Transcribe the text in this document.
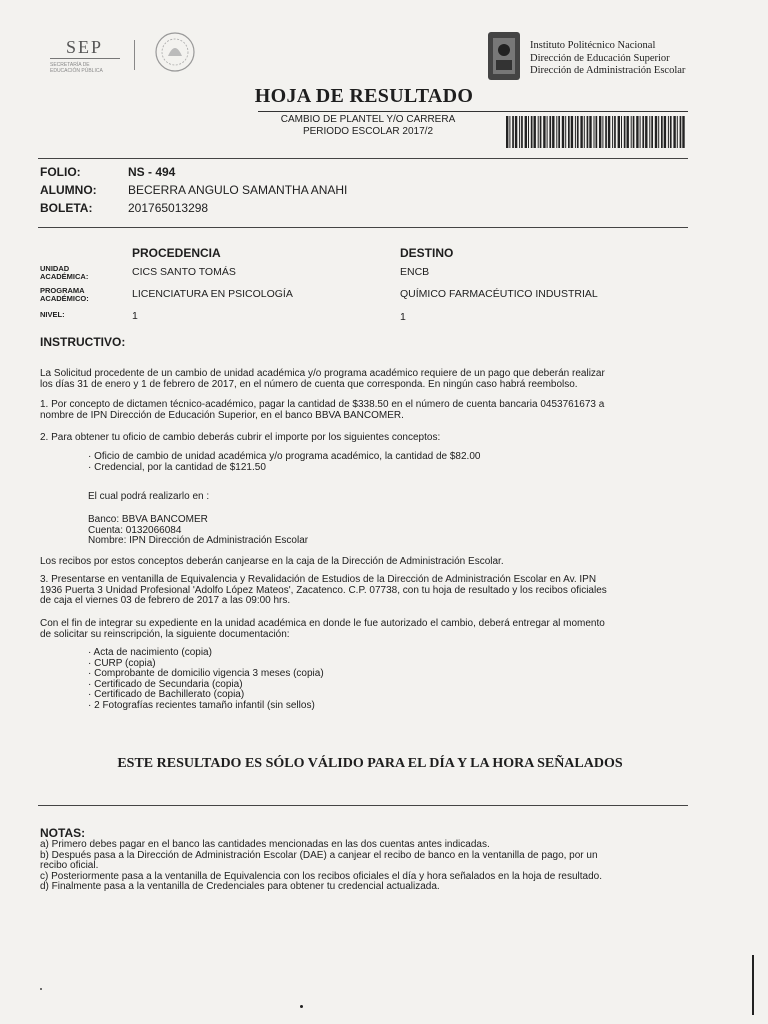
SEP
SECRETARÍA DE EDUCACIÓN PÚBLICA
Instituto Politécnico Nacional
Dirección de Educación Superior
Dirección de Administración Escolar
HOJA DE RESULTADO
CAMBIO DE PLANTEL Y/O CARRERA
PERIODO ESCOLAR 2017/2
FOLIO:	NS - 494
ALUMNO:	BECERRA ANGULO SAMANTHA ANAHI
BOLETA:	201765013298
PROCEDENCIA	DESTINO
UNIDAD
ACADÉMICA:	CICS SANTO TOMÁS	ENCB
PROGRAMA
ACADÉMICO:	LICENCIATURA EN PSICOLOGÍA	QUÍMICO FARMACÉUTICO INDUSTRIAL
NIVEL:	1	1
INSTRUCTIVO:
La Solicitud procedente de un cambio de unidad académica y/o programa académico requiere de un pago que deberán realizar
los días 31 de enero y 1 de febrero de 2017, en el número de cuenta que corresponda. En ningún caso habrá reembolso.
1. Por concepto de dictamen técnico-académico, pagar la cantidad de $338.50 en el número de cuenta bancaria 0453761673 a
nombre de IPN Dirección de Educación Superior, en el banco BBVA BANCOMER.
2. Para obtener tu oficio de cambio deberás cubrir el importe por los siguientes conceptos:
· Oficio de cambio de unidad académica y/o programa académico, la cantidad de $82.00
· Credencial, por la cantidad de $121.50
El cual podrá realizarlo en :
Banco: BBVA BANCOMER
Cuenta: 0132066084
Nombre: IPN Dirección de Administración Escolar
Los recibos por estos conceptos deberán canjearse en la caja de la Dirección de Administración Escolar.
3. Presentarse en ventanilla de Equivalencia y Revalidación de Estudios de la Dirección de Administración Escolar en Av. IPN
1936 Puerta 3 Unidad Profesional 'Adolfo López Mateos', Zacatenco. C.P. 07738, con tu hoja de resultado y los recibos oficiales
de caja el viernes 03 de febrero de 2017 a las 09:00 hrs.
Con el fin de integrar su expediente en la unidad académica en donde le fue autorizado el cambio, deberá entregar al momento
de solicitar su reinscripción, la siguiente documentación:
· Acta de nacimiento (copia)
· CURP (copia)
· Comprobante de domicilio vigencia 3 meses (copia)
· Certificado de Secundaria (copia)
· Certificado de Bachillerato (copia)
· 2 Fotografías recientes tamaño infantil (sin sellos)
ESTE RESULTADO ES SÓLO VÁLIDO PARA EL DÍA Y LA HORA SEÑALADOS
NOTAS:
a) Primero debes pagar en el banco las cantidades mencionadas en las dos cuentas antes indicadas.
b) Después pasa a la Dirección de Administración Escolar (DAE) a canjear el recibo de banco en la ventanilla de pago, por un
recibo oficial.
c) Posteriormente pasa a la ventanilla de Equivalencia con los recibos oficiales el día y hora señalados en la hoja de resultado.
d) Finalmente pasa a la ventanilla de Credenciales para obtener tu credencial actualizada.
